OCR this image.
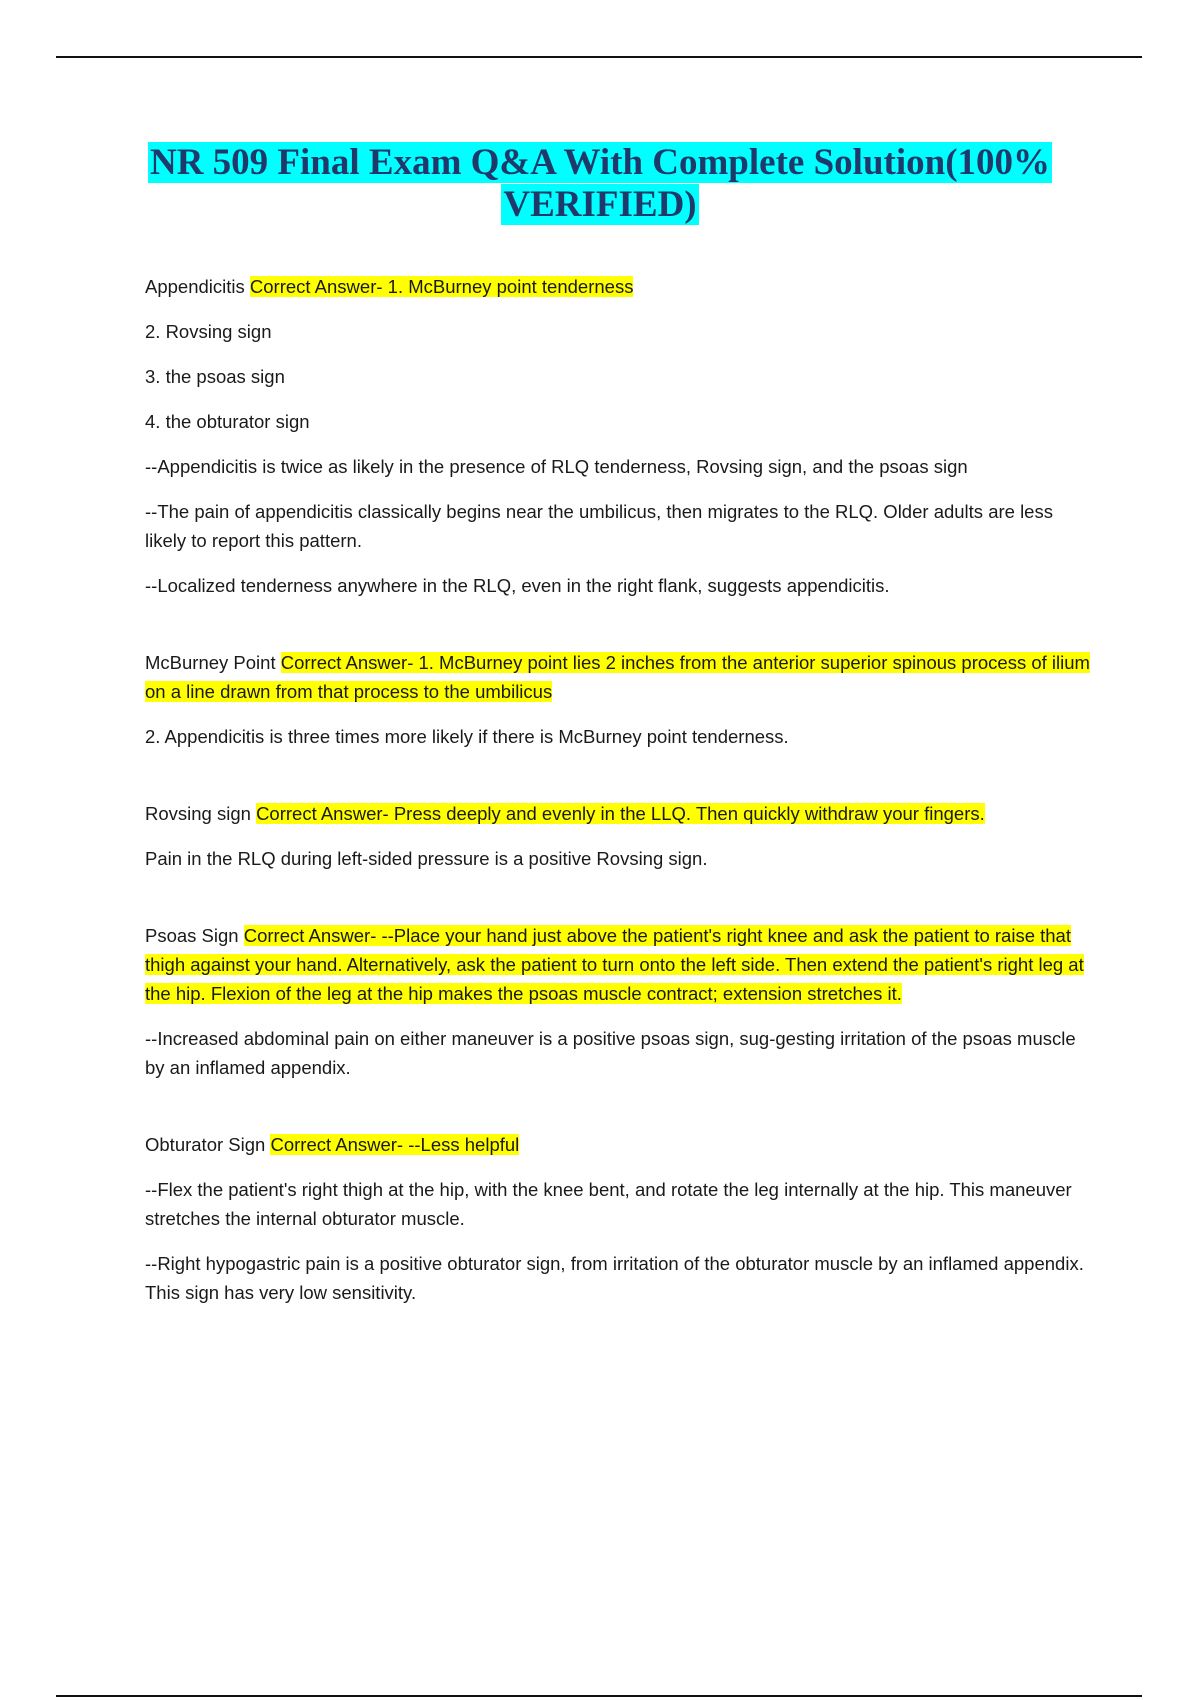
NR 509 Final Exam Q&A With Complete Solution(100%
VERIFIED)

Appendicitis Correct Answer- 1. McBurney point tenderness

2. Rovsing sign

3. the psoas sign

4. the obturator sign

--Appendicitis is twice as likely in the presence of RLQ tenderness, Rovsing sign, and the psoas sign

--The pain of appendicitis classically begins near the umbilicus, then migrates to the RLQ. Older adults are less likely to report this pattern.

--Localized tenderness anywhere in the RLQ, even in the right flank, suggests appendicitis.

McBurney Point Correct Answer- 1. McBurney point lies 2 inches from the anterior superior spinous process of ilium on a line drawn from that process to the umbilicus

2. Appendicitis is three times more likely if there is McBurney point tenderness.

Rovsing sign Correct Answer- Press deeply and evenly in the LLQ. Then quickly withdraw your fingers.

Pain in the RLQ during left-sided pressure is a positive Rovsing sign.

Psoas Sign Correct Answer- --Place your hand just above the patient's right knee and ask the patient to raise that thigh against your hand. Alternatively, ask the patient to turn onto the left side. Then extend the patient's right leg at the hip. Flexion of the leg at the hip makes the psoas muscle contract; extension stretches it.

--Increased abdominal pain on either maneuver is a positive psoas sign, sug-gesting irritation of the psoas muscle by an inflamed appendix.

Obturator Sign Correct Answer- --Less helpful

--Flex the patient's right thigh at the hip, with the knee bent, and rotate the leg internally at the hip. This maneuver stretches the internal obturator muscle.

--Right hypogastric pain is a positive obturator sign, from irritation of the obturator muscle by an inflamed appendix. This sign has very low sensitivity.
